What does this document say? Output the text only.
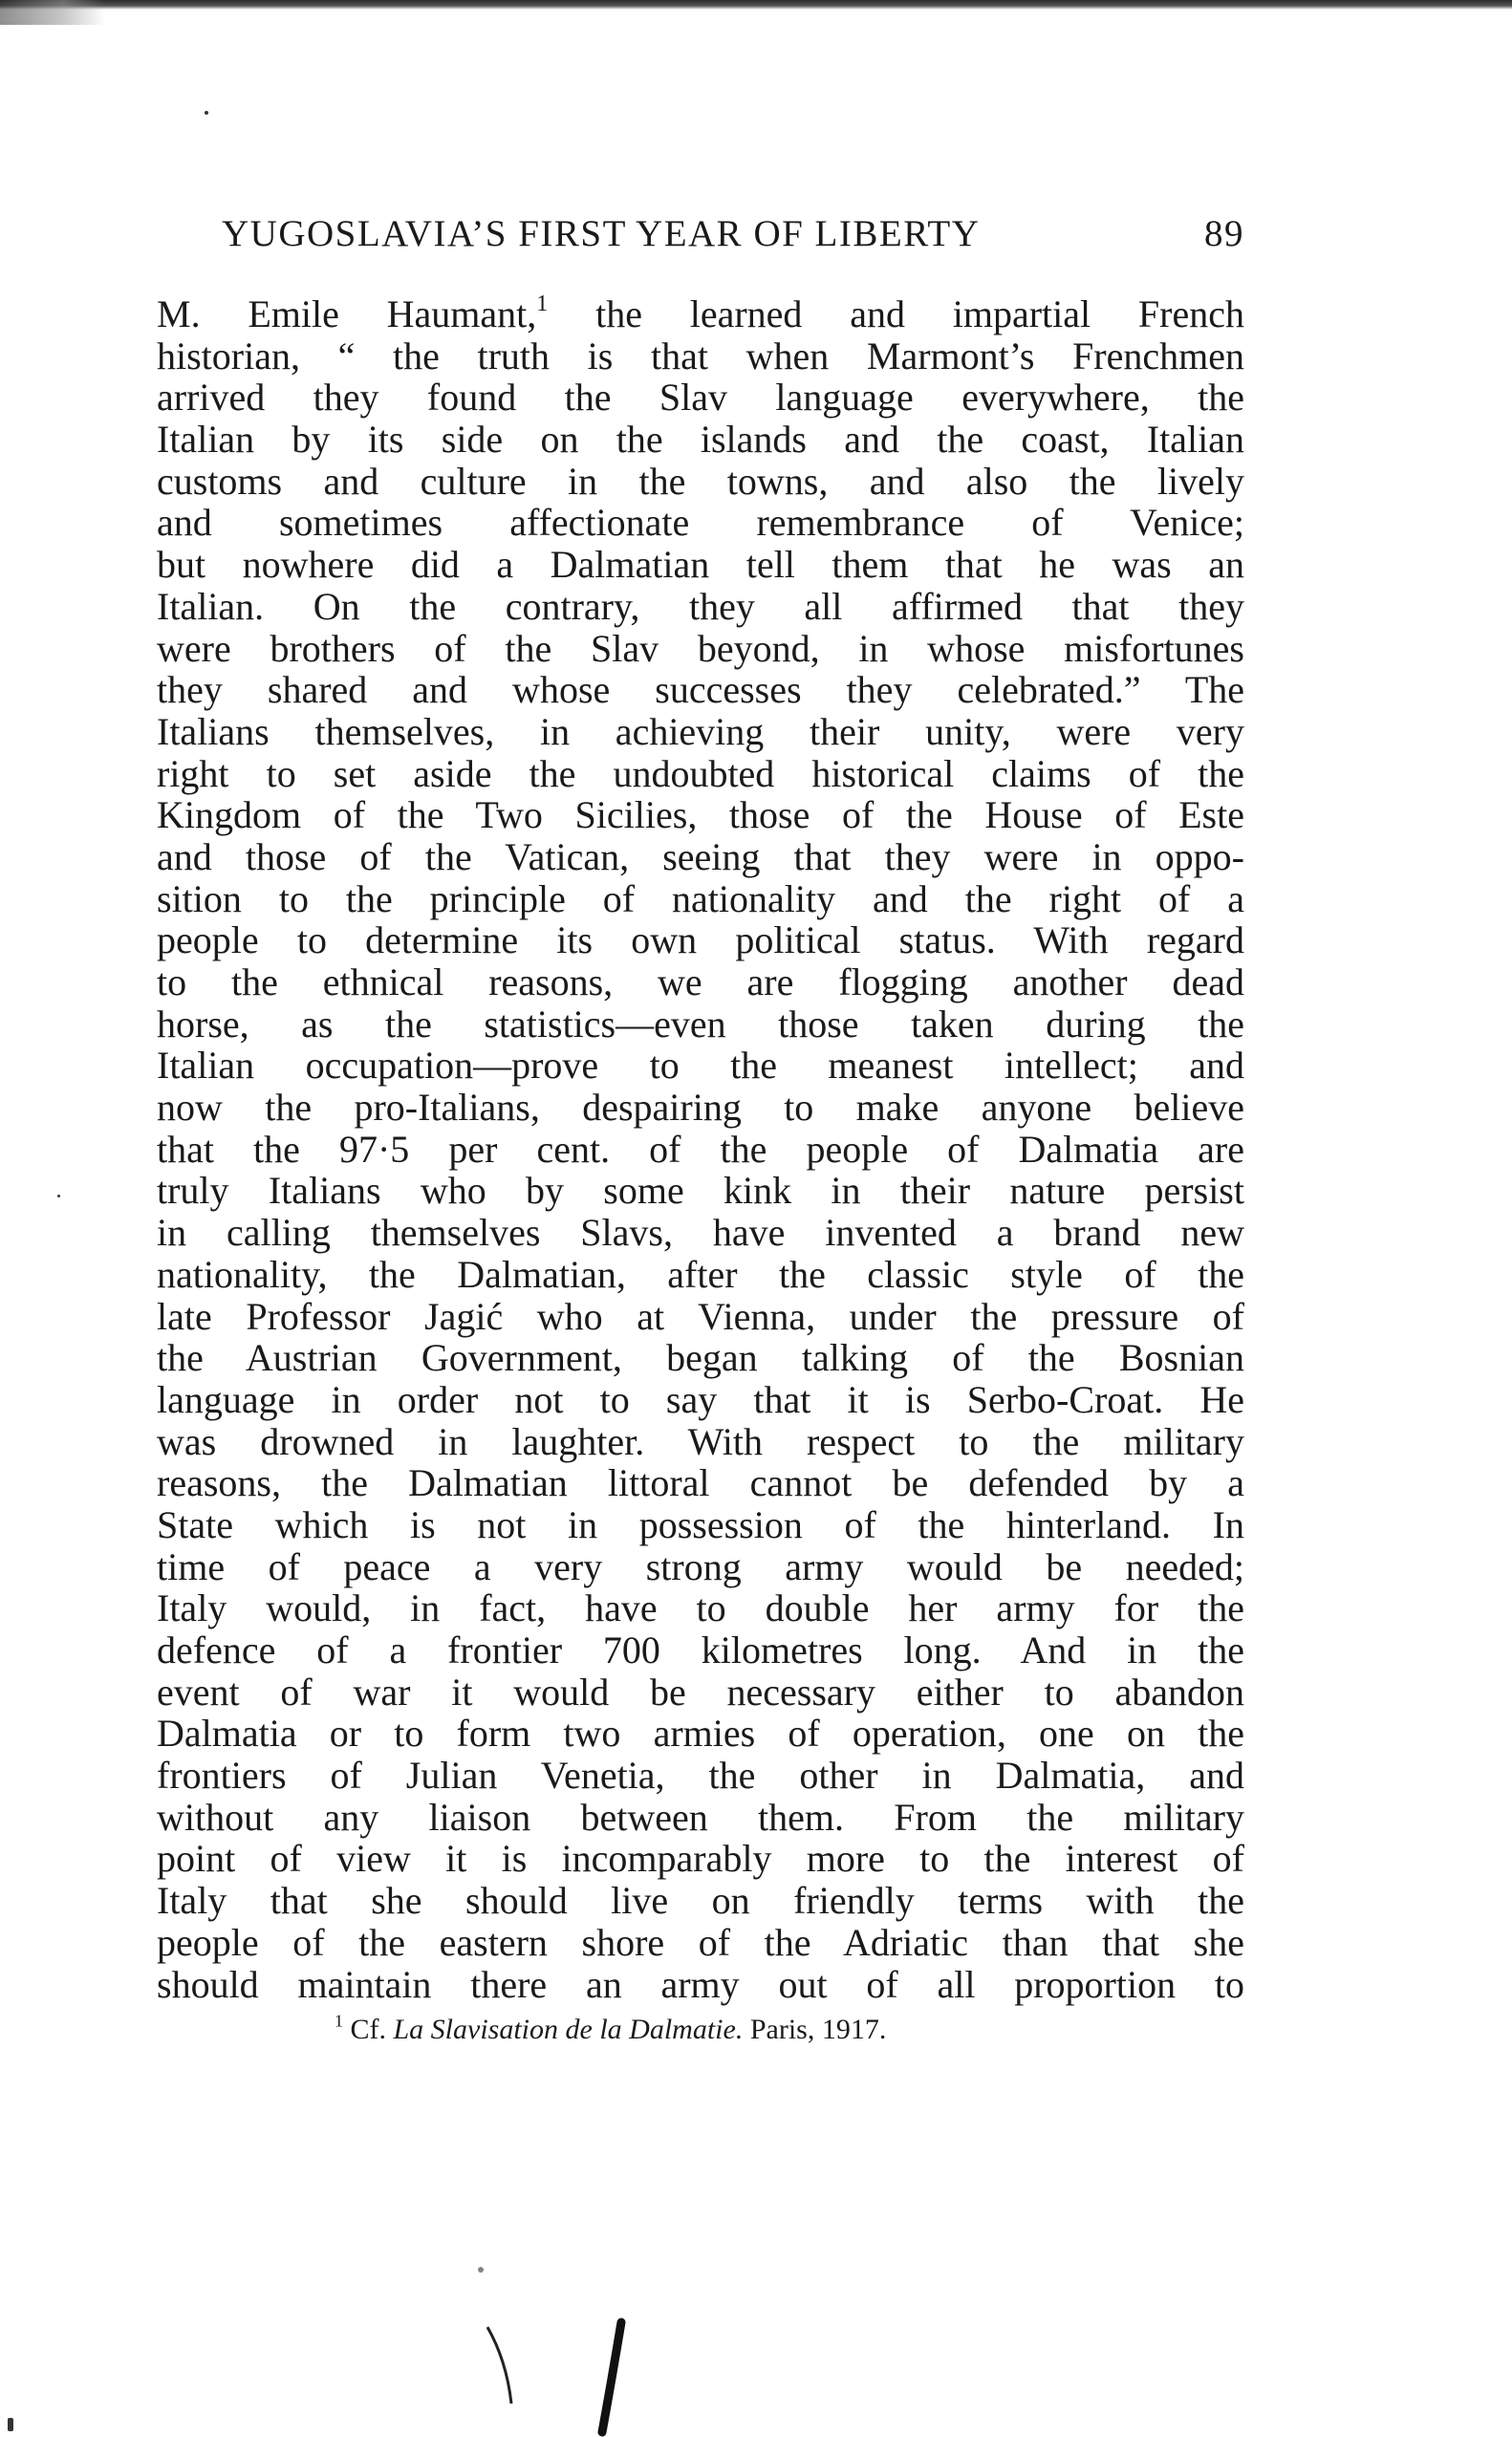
YUGOSLAVIA’S FIRST YEAR OF LIBERTY	89
M. Emile Haumant,$^1$ the learned and impartial French
historian, “ the truth is that when Marmont’s Frenchmen
arrived they found the Slav language everywhere, the
Italian by its side on the islands and the coast, Italian
customs and culture in the towns, and also the lively
and sometimes affectionate remembrance of Venice;
but nowhere did a Dalmatian tell them that he was an
Italian. On the contrary, they all affirmed that they
were brothers of the Slav beyond, in whose misfortunes
they shared and whose successes they celebrated.” The
Italians themselves, in achieving their unity, were very
right to set aside the undoubted historical claims of the
Kingdom of the Two Sicilies, those of the House of Este
and those of the Vatican, seeing that they were in oppo-
sition to the principle of nationality and the right of a
people to determine its own political status. With regard
to the ethnical reasons, we are flogging another dead
horse, as the statistics—even those taken during the
Italian occupation—prove to the meanest intellect; and
now the pro-Italians, despairing to make anyone believe
that the 97·5 per cent. of the people of Dalmatia are
truly Italians who by some kink in their nature persist
in calling themselves Slavs, have invented a brand new
nationality, the Dalmatian, after the classic style of the
late Professor Jagić who at Vienna, under the pressure of
the Austrian Government, began talking of the Bosnian
language in order not to say that it is Serbo-Croat. He
was drowned in laughter. With respect to the military
reasons, the Dalmatian littoral cannot be defended by a
State which is not in possession of the hinterland. In
time of peace a very strong army would be needed;
Italy would, in fact, have to double her army for the
defence of a frontier 700 kilometres long. And in the
event of war it would be necessary either to abandon
Dalmatia or to form two armies of operation, one on the
frontiers of Julian Venetia, the other in Dalmatia, and
without any liaison between them. From the military
point of view it is incomparably more to the interest of
Italy that she should live on friendly terms with the
people of the eastern shore of the Adriatic than that she
should maintain there an army out of all proportion to
$^1$ Cf. La Slavisation de la Dalmatie. Paris, 1917.
